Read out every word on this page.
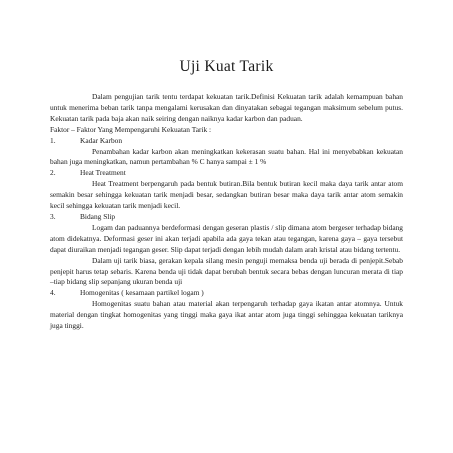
Uji Kuat Tarik

Dalam pengujian tarik tentu terdapat kekuatan tarik.Definisi Kekuatan tarik adalah kemampuan bahan untuk menerima beban tarik tanpa mengalami kerusakan dan dinyatakan sebagai tegangan maksimum sebelum putus. Kekuatan tarik pada baja akan naik seiring dengan naiknya kadar karbon dan paduan.

Faktor – Faktor Yang Mempengaruhi Kekuatan Tarik :

1.	Kadar Karbon

Penambahan kadar karbon akan meningkatkan kekerasan suatu bahan. Hal ini menyebabkan kekuatan bahan juga meningkatkan, namun pertambahan % C hanya sampai ± 1 %

2.	Heat Treatment

Heat Treatment berpengaruh pada bentuk butiran.Bila bentuk butiran kecil maka daya tarik antar atom semakin besar sehingga kekuatan tarik menjadi besar, sedangkan butiran besar maka daya tarik antar atom semakin kecil sehingga kekuatan tarik menjadi kecil.

3.	Bidang Slip

Logam dan paduannya berdeformasi dengan geseran plastis / slip dimana atom bergeser terhadap bidang atom didekatnya. Deformasi geser ini akan terjadi apabila ada gaya tekan atau tegangan, karena gaya – gaya tersebut dapat diuraikan menjadi tegangan geser. Slip dapat terjadi dengan lebih mudah dalam arah kristal atau bidang tertentu.

Dalam uji tarik biasa, gerakan kepala silang mesin penguji memaksa benda uji berada di penjepit.Sebab penjepit harus tetap sebaris. Karena benda uji tidak dapat berubah bentuk secara bebas dengan luncuran merata di tiap –tiap bidang slip sepanjang ukuran benda uji

4.	Homogenitas ( kesamaan partikel logam )

Homogenitas suatu bahan atau material akan terpengaruh terhadap gaya ikatan antar atomnya. Untuk material dengan tingkat homogenitas yang tinggi maka gaya ikat antar atom juga tinggi sehinggaa kekuatan tariknya juga tinggi.
